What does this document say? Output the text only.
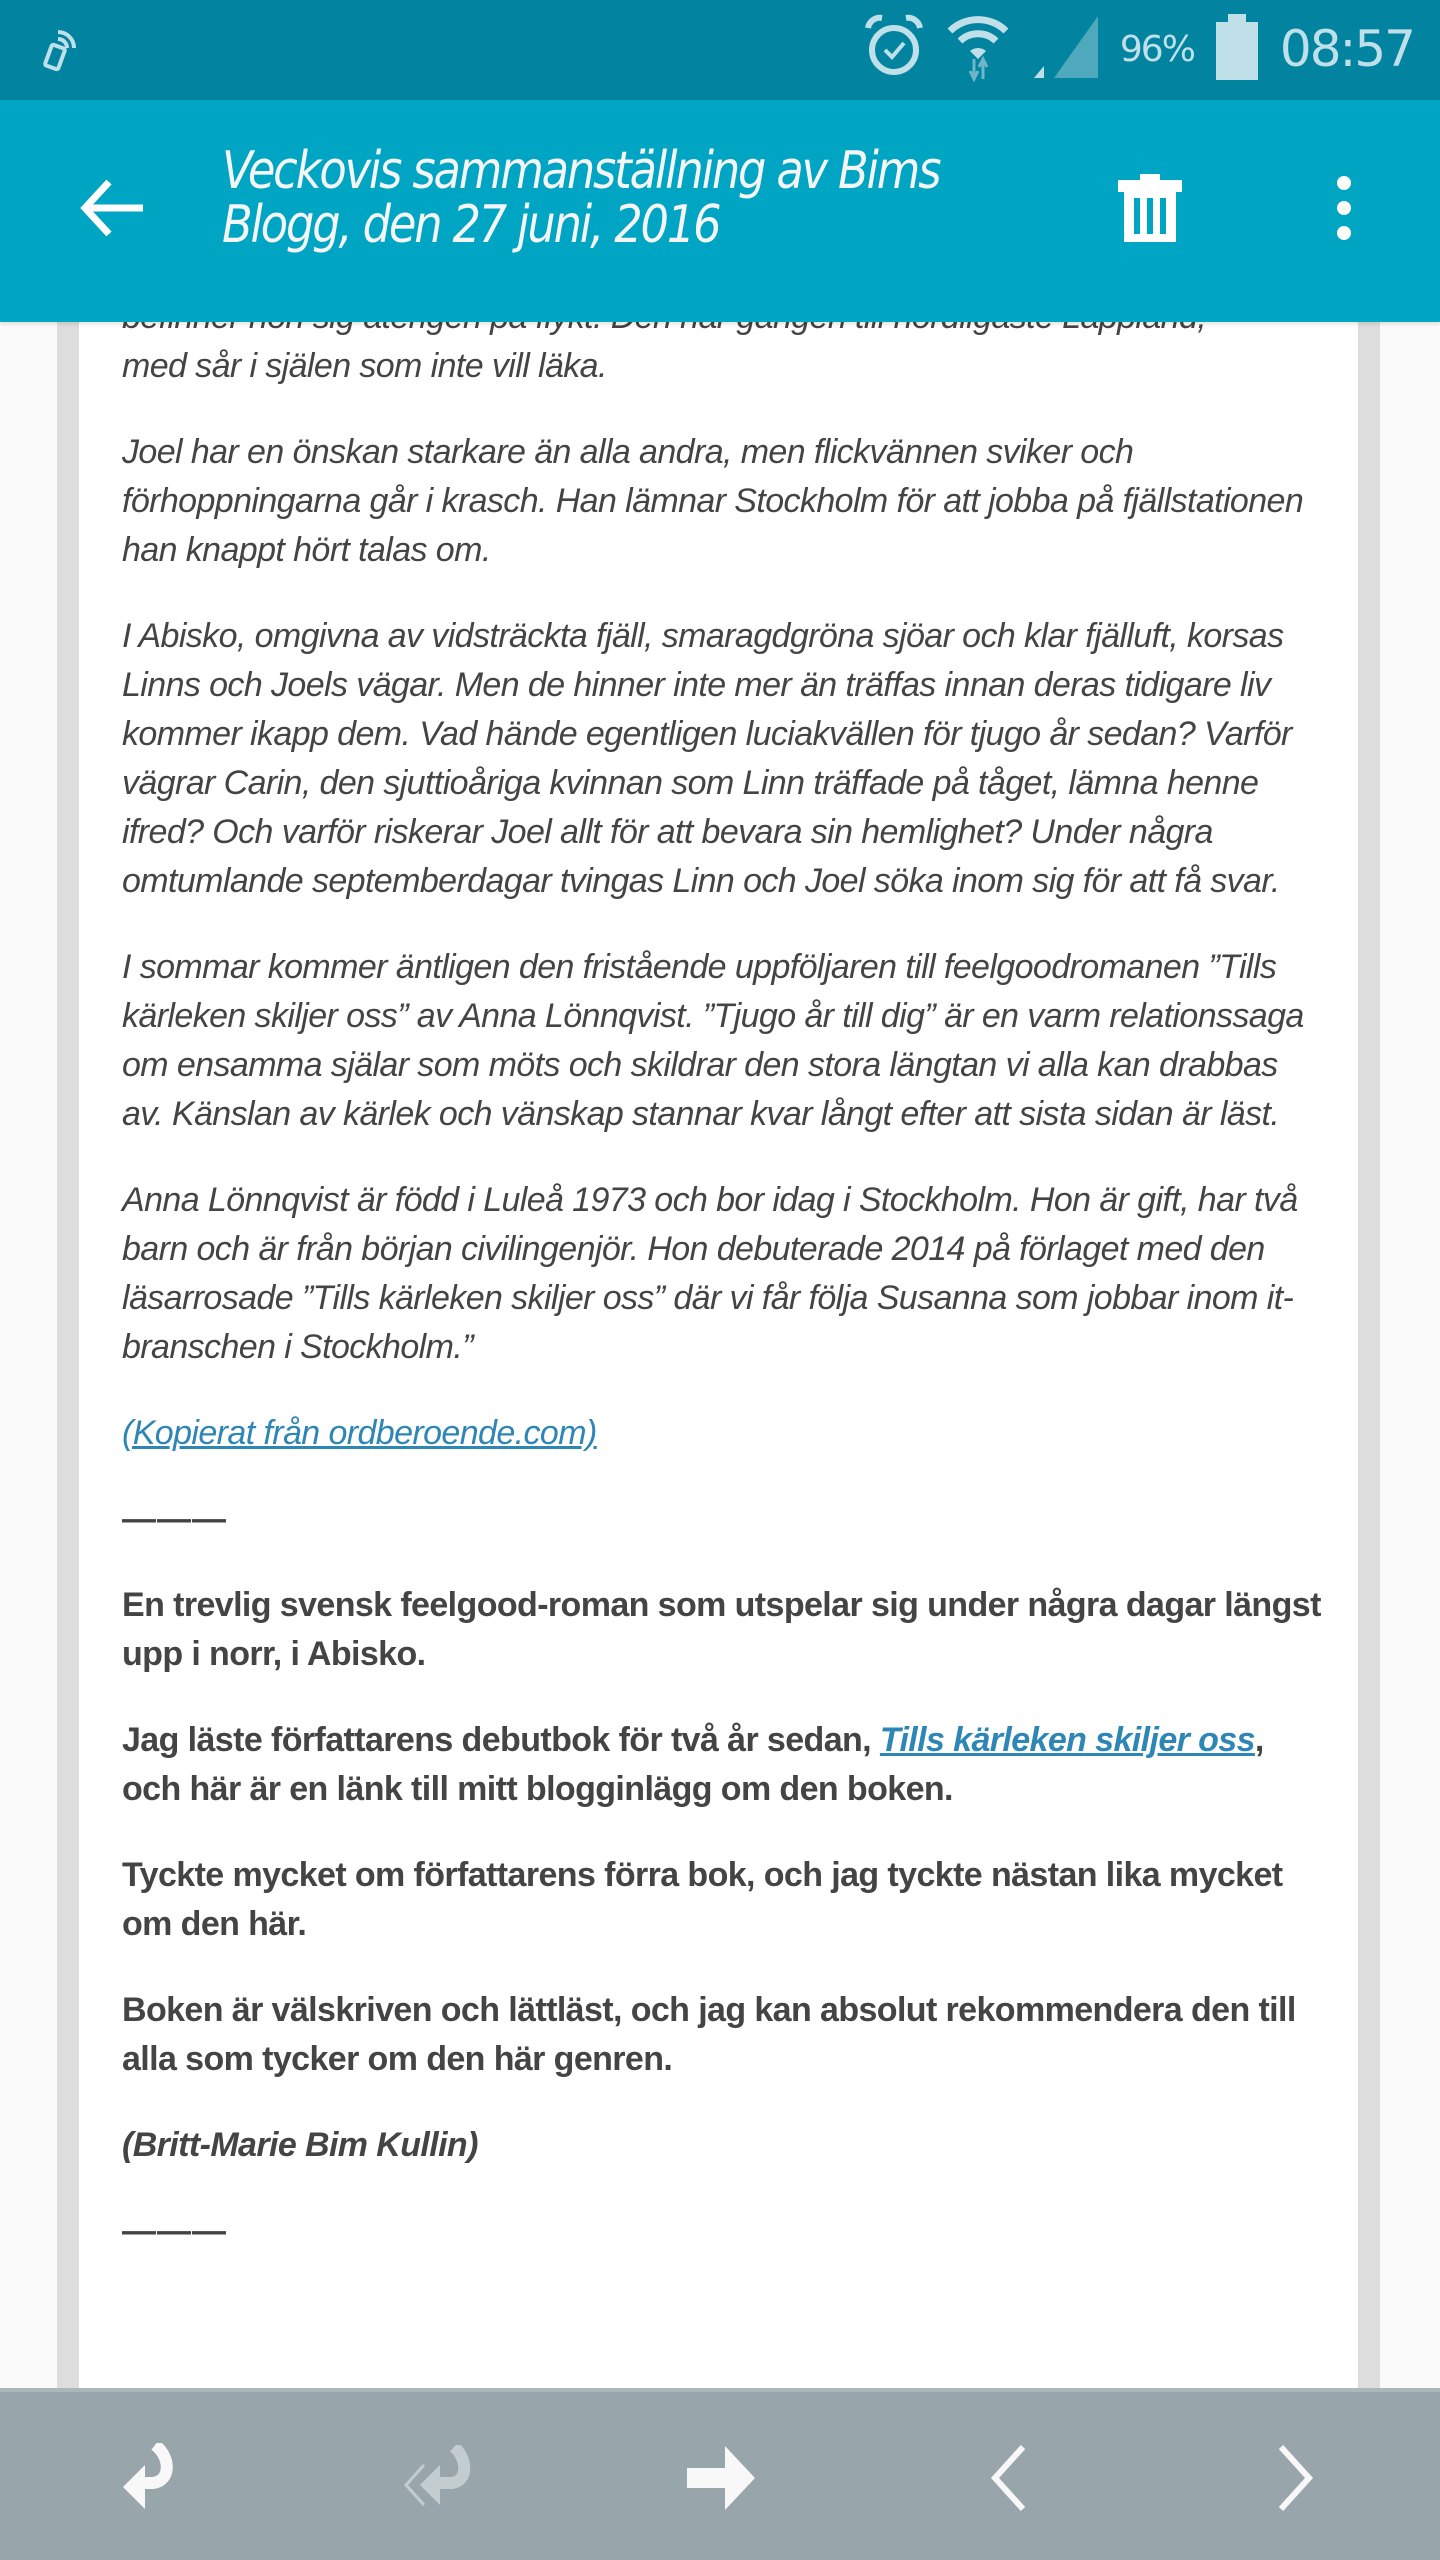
med sår i själen som inte vill läka.

Joel har en önskan starkare än alla andra, men flickvännen sviker och förhoppningarna går i krasch. Han lämnar Stockholm för att jobba på fjällstationen han knappt hört talas om.

I Abisko, omgivna av vidsträckta fjäll, smaragdgröna sjöar och klar fjälluft, korsas Linns och Joels vägar. Men de hinner inte mer än träffas innan deras tidigare liv kommer ikapp dem. Vad hände egentligen luciakvällen för tjugo år sedan? Varför vägrar Carin, den sjuttioåriga kvinnan som Linn träffade på tåget, lämna henne ifred? Och varför riskerar Joel allt för att bevara sin hemlighet? Under några omtumlande septemberdagar tvingas Linn och Joel söka inom sig för att få svar.

I sommar kommer äntligen den fristående uppföljaren till feelgoodromanen ”Tills kärleken skiljer oss” av Anna Lönnqvist. ”Tjugo år till dig” är en varm relationssaga om ensamma själar som möts och skildrar den stora längtan vi alla kan drabbas av. Känslan av kärlek och vänskap stannar kvar långt efter att sista sidan är läst.

Anna Lönnqvist är född i Luleå 1973 och bor idag i Stockholm. Hon är gift, har två barn och är från början civilingenjör. Hon debuterade 2014 på förlaget med den läsarrosade ”Tills kärleken skiljer oss” där vi får följa Susanna som jobbar inom it-branschen i Stockholm.”

(Kopierat från ordberoende.com)

———

En trevlig svensk feelgood-roman som utspelar sig under några dagar längst upp i norr, i Abisko.

Jag läste författarens debutbok för två år sedan, Tills kärleken skiljer oss, och här är en länk till mitt blogginlägg om den boken.

Tyckte mycket om författarens förra bok, och jag tyckte nästan lika mycket om den här.

Boken är välskriven och lättläst, och jag kan absolut rekommendera den till alla som tycker om den här genren.

(Britt-Marie Bim Kullin)

———

96% 08:57
Veckovis sammanställning av Bims Blogg, den 27 juni, 2016
